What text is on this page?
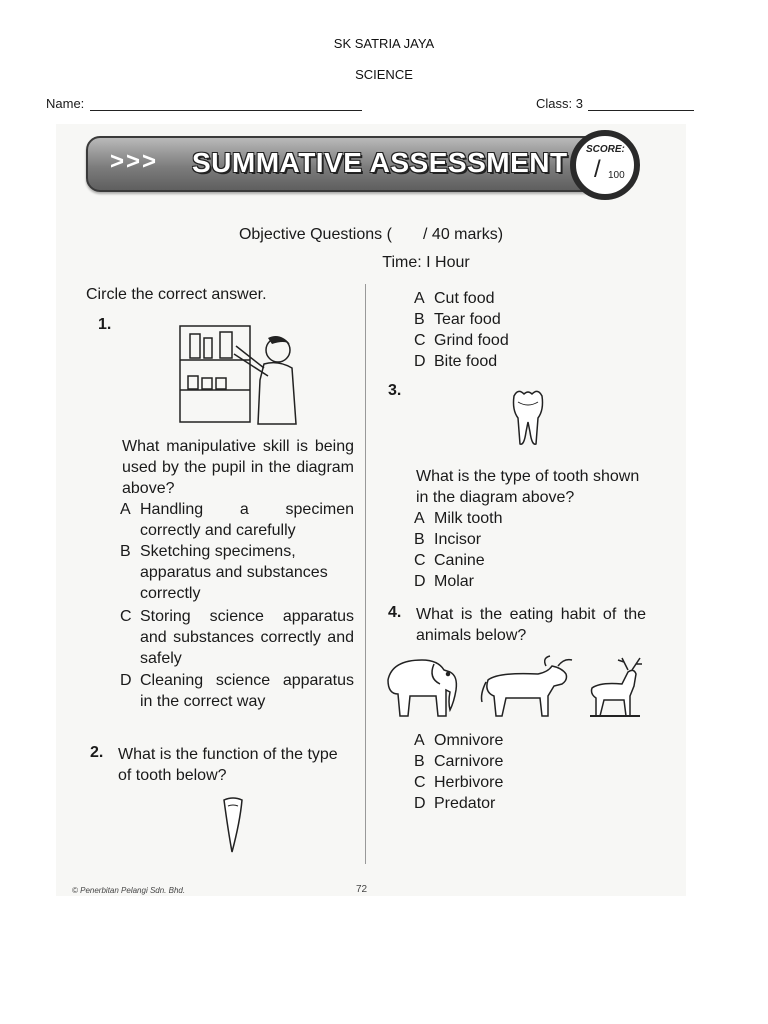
SK SATRIA JAYA
SCIENCE
Name:	Class: 3
>>> SUMMATIVE ASSESSMENT SCORE:
/ 100
Objective Questions ( / 40 marks)
Time: I Hour
Circle the correct answer.
1.
What manipulative skill is being used by the pupil in the diagram above?
A Handling a specimen correctly and carefully
B Sketching specimens, apparatus and substances correctly
C Storing science apparatus and substances correctly and safely
D Cleaning science apparatus in the correct way
2. What is the function of the type of tooth below?
A Cut food
B Tear food
C Grind food
D Bite food
3.
What is the type of tooth shown in the diagram above?
A Milk tooth
B Incisor
C Canine
D Molar
4. What is the eating habit of the animals below?
A Omnivore
B Carnivore
C Herbivore
D Predator
© Penerbitan Pelangi Sdn. Bhd.	72
